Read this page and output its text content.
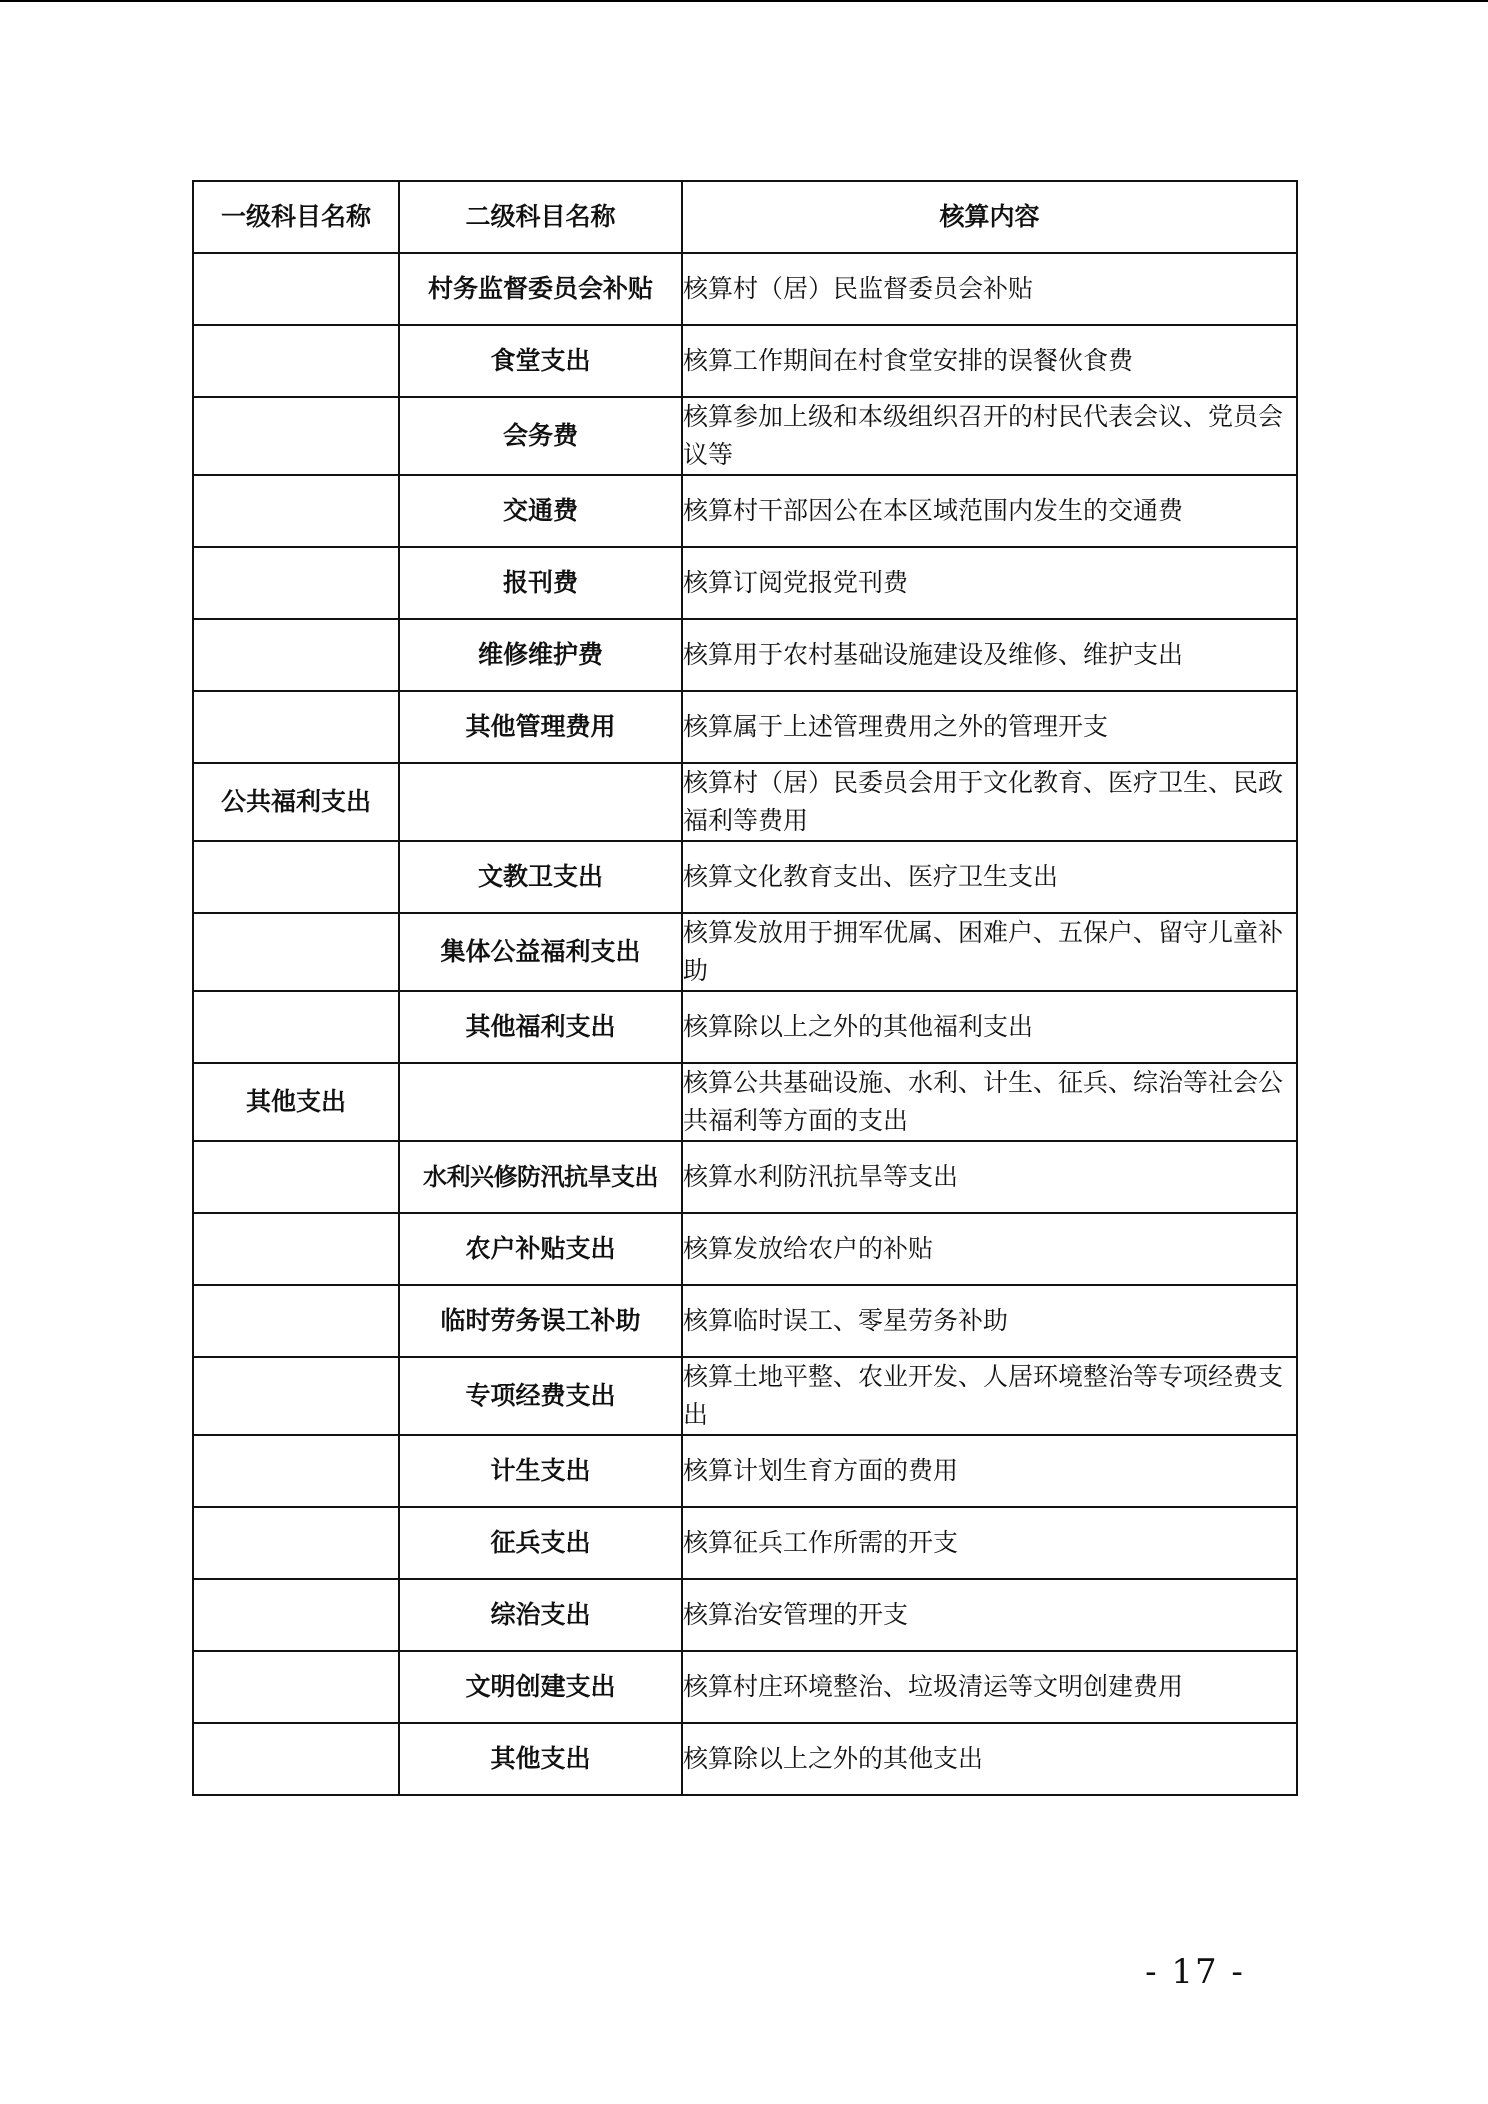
一级科目名称	二级科目名称	核算内容
	村务监督委员会补贴	核算村（居）民监督委员会补贴
	食堂支出	核算工作期间在村食堂安排的误餐伙食费
	会务费	核算参加上级和本级组织召开的村民代表会议、党员会议等
	交通费	核算村干部因公在本区域范围内发生的交通费
	报刊费	核算订阅党报党刊费
	维修维护费	核算用于农村基础设施建设及维修、维护支出
	其他管理费用	核算属于上述管理费用之外的管理开支
公共福利支出		核算村（居）民委员会用于文化教育、医疗卫生、民政福利等费用
	文教卫支出	核算文化教育支出、医疗卫生支出
	集体公益福利支出	核算发放用于拥军优属、困难户、五保户、留守儿童补助
	其他福利支出	核算除以上之外的其他福利支出
其他支出		核算公共基础设施、水利、计生、征兵、综治等社会公共福利等方面的支出
	水利兴修防汛抗旱支出	核算水利防汛抗旱等支出
	农户补贴支出	核算发放给农户的补贴
	临时劳务误工补助	核算临时误工、零星劳务补助
	专项经费支出	核算土地平整、农业开发、人居环境整治等专项经费支出
	计生支出	核算计划生育方面的费用
	征兵支出	核算征兵工作所需的开支
	综治支出	核算治安管理的开支
	文明创建支出	核算村庄环境整治、垃圾清运等文明创建费用
	其他支出	核算除以上之外的其他支出
- 17 -
